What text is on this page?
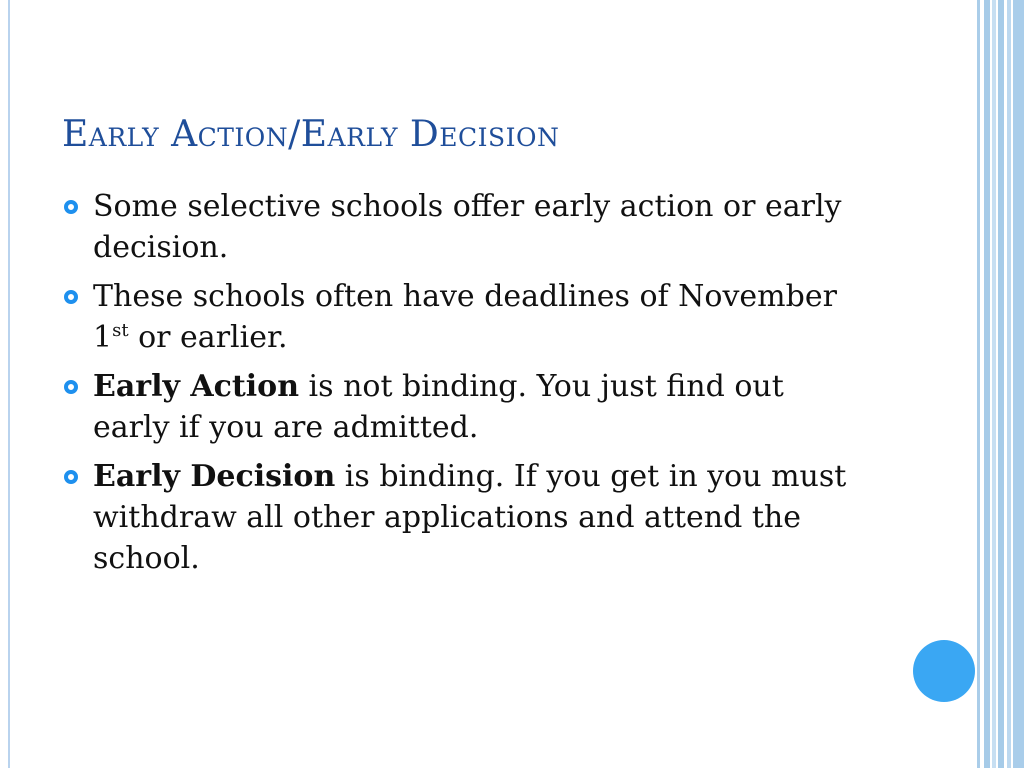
Early Action/Early Decision
Some selective schools offer early action or early decision.
These schools often have deadlines of November 1st or earlier.
Early Action is not binding. You just find out early if you are admitted.
Early Decision is binding. If you get in you must withdraw all other applications and attend the school.
